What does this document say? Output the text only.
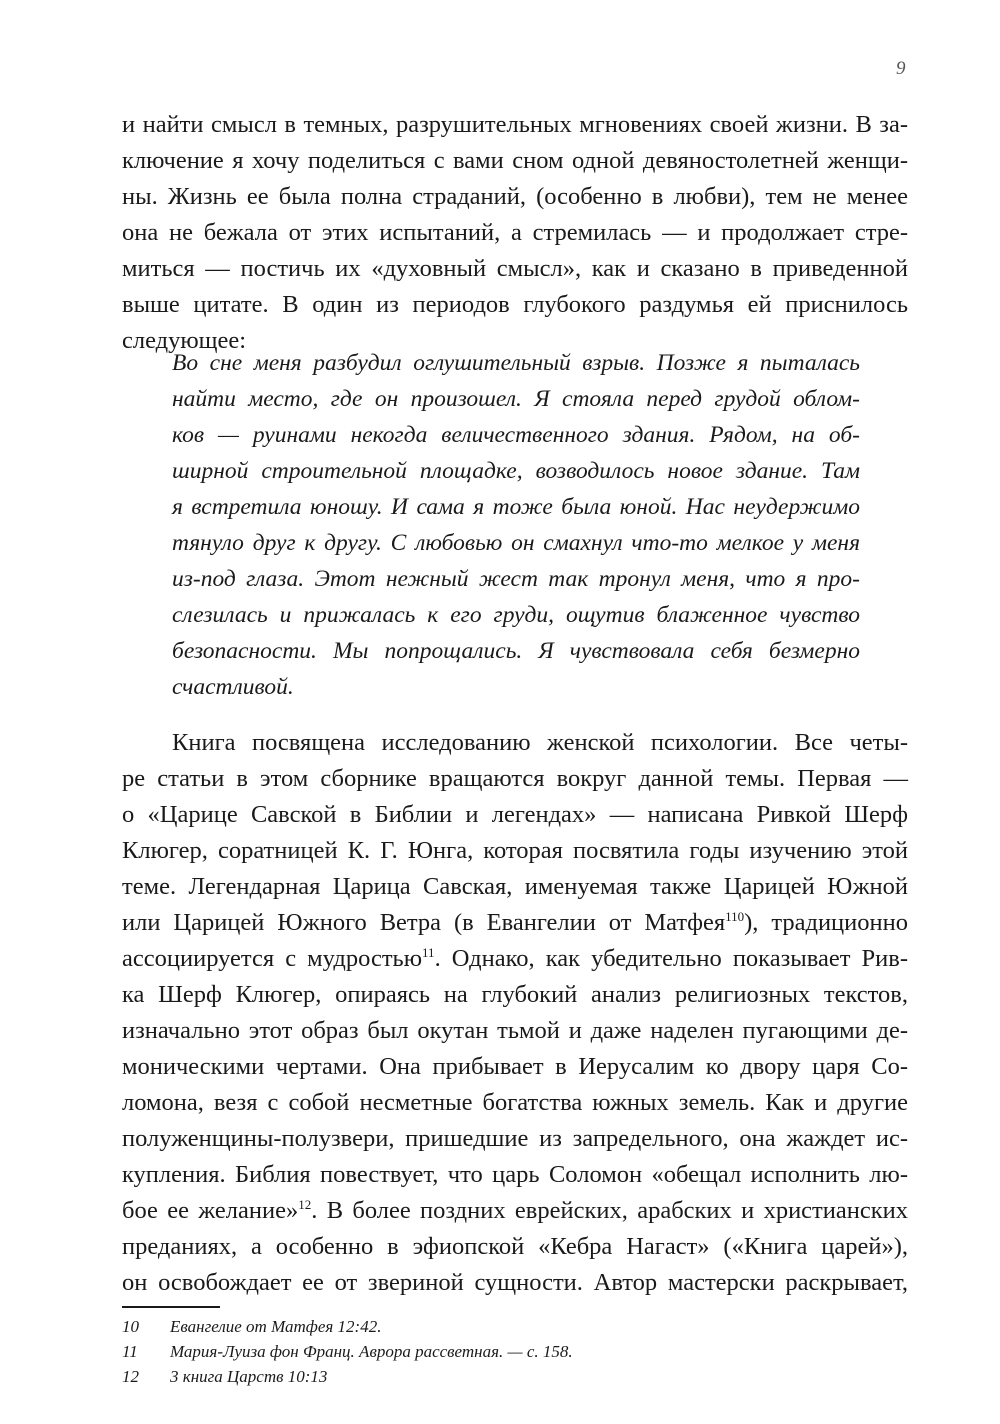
9
и найти смысл в темных, разрушительных мгновениях своей жизни. В за-
ключение я хочу поделиться с вами сном одной девяностолетней женщи-
ны. Жизнь ее была полна страданий, (особенно в любви), тем не менее
она не бежала от этих испытаний, а стремилась — и продолжает стре-
миться — постичь их «духовный смысл», как и сказано в приведенной
выше цитате. В один из периодов глубокого раздумья ей приснилось
следующее:
Во сне меня разбудил оглушительный взрыв. Позже я пыталась
найти место, где он произошел. Я стояла перед грудой облом-
ков — руинами некогда величественного здания. Рядом, на об-
ширной строительной площадке, возводилось новое здание. Там
я встретила юношу. И сама я тоже была юной. Нас неудержимо
тянуло друг к другу. С любовью он смахнул что-то мелкое у меня
из-под глаза. Этот нежный жест так тронул меня, что я про-
слезилась и прижалась к его груди, ощутив блаженное чувство
безопасности. Мы попрощались. Я чувствовала себя безмерно
счастливой.
Книга посвящена исследованию женской психологии. Все четы-
ре статьи в этом сборнике вращаются вокруг данной темы. Первая —
о «Царице Савской в Библии и легендах» — написана Ривкой Шерф
Клюгер, соратницей К. Г. Юнга, которая посвятила годы изучению этой
теме. Легендарная Царица Савская, именуемая также Царицей Южной
или Царицей Южного Ветра (в Евангелии от Матфея$^{110}$), традиционно
ассоциируется с мудростью$^{11}$. Однако, как убедительно показывает Рив-
ка Шерф Клюгер, опираясь на глубокий анализ религиозных текстов,
изначально этот образ был окутан тьмой и даже наделен пугающими де-
моническими чертами. Она прибывает в Иерусалим ко двору царя Со-
ломона, везя с собой несметные богатства южных земель. Как и другие
полуженщины-полузвери, пришедшие из запредельного, она жаждет ис-
купления. Библия повествует, что царь Соломон «обещал исполнить лю-
бое ее желание»$^{12}$. В более поздних еврейских, арабских и христианских
преданиях, а особенно в эфиопской «Кебра Нагаст» («Книга царей»),
он освобождает ее от звериной сущности. Автор мастерски раскрывает,
10 Евангелие от Матфея 12:42.
11 Мария-Луиза фон Франц. Аврора рассветная. — с. 158.
12 3 книга Царств 10:13
